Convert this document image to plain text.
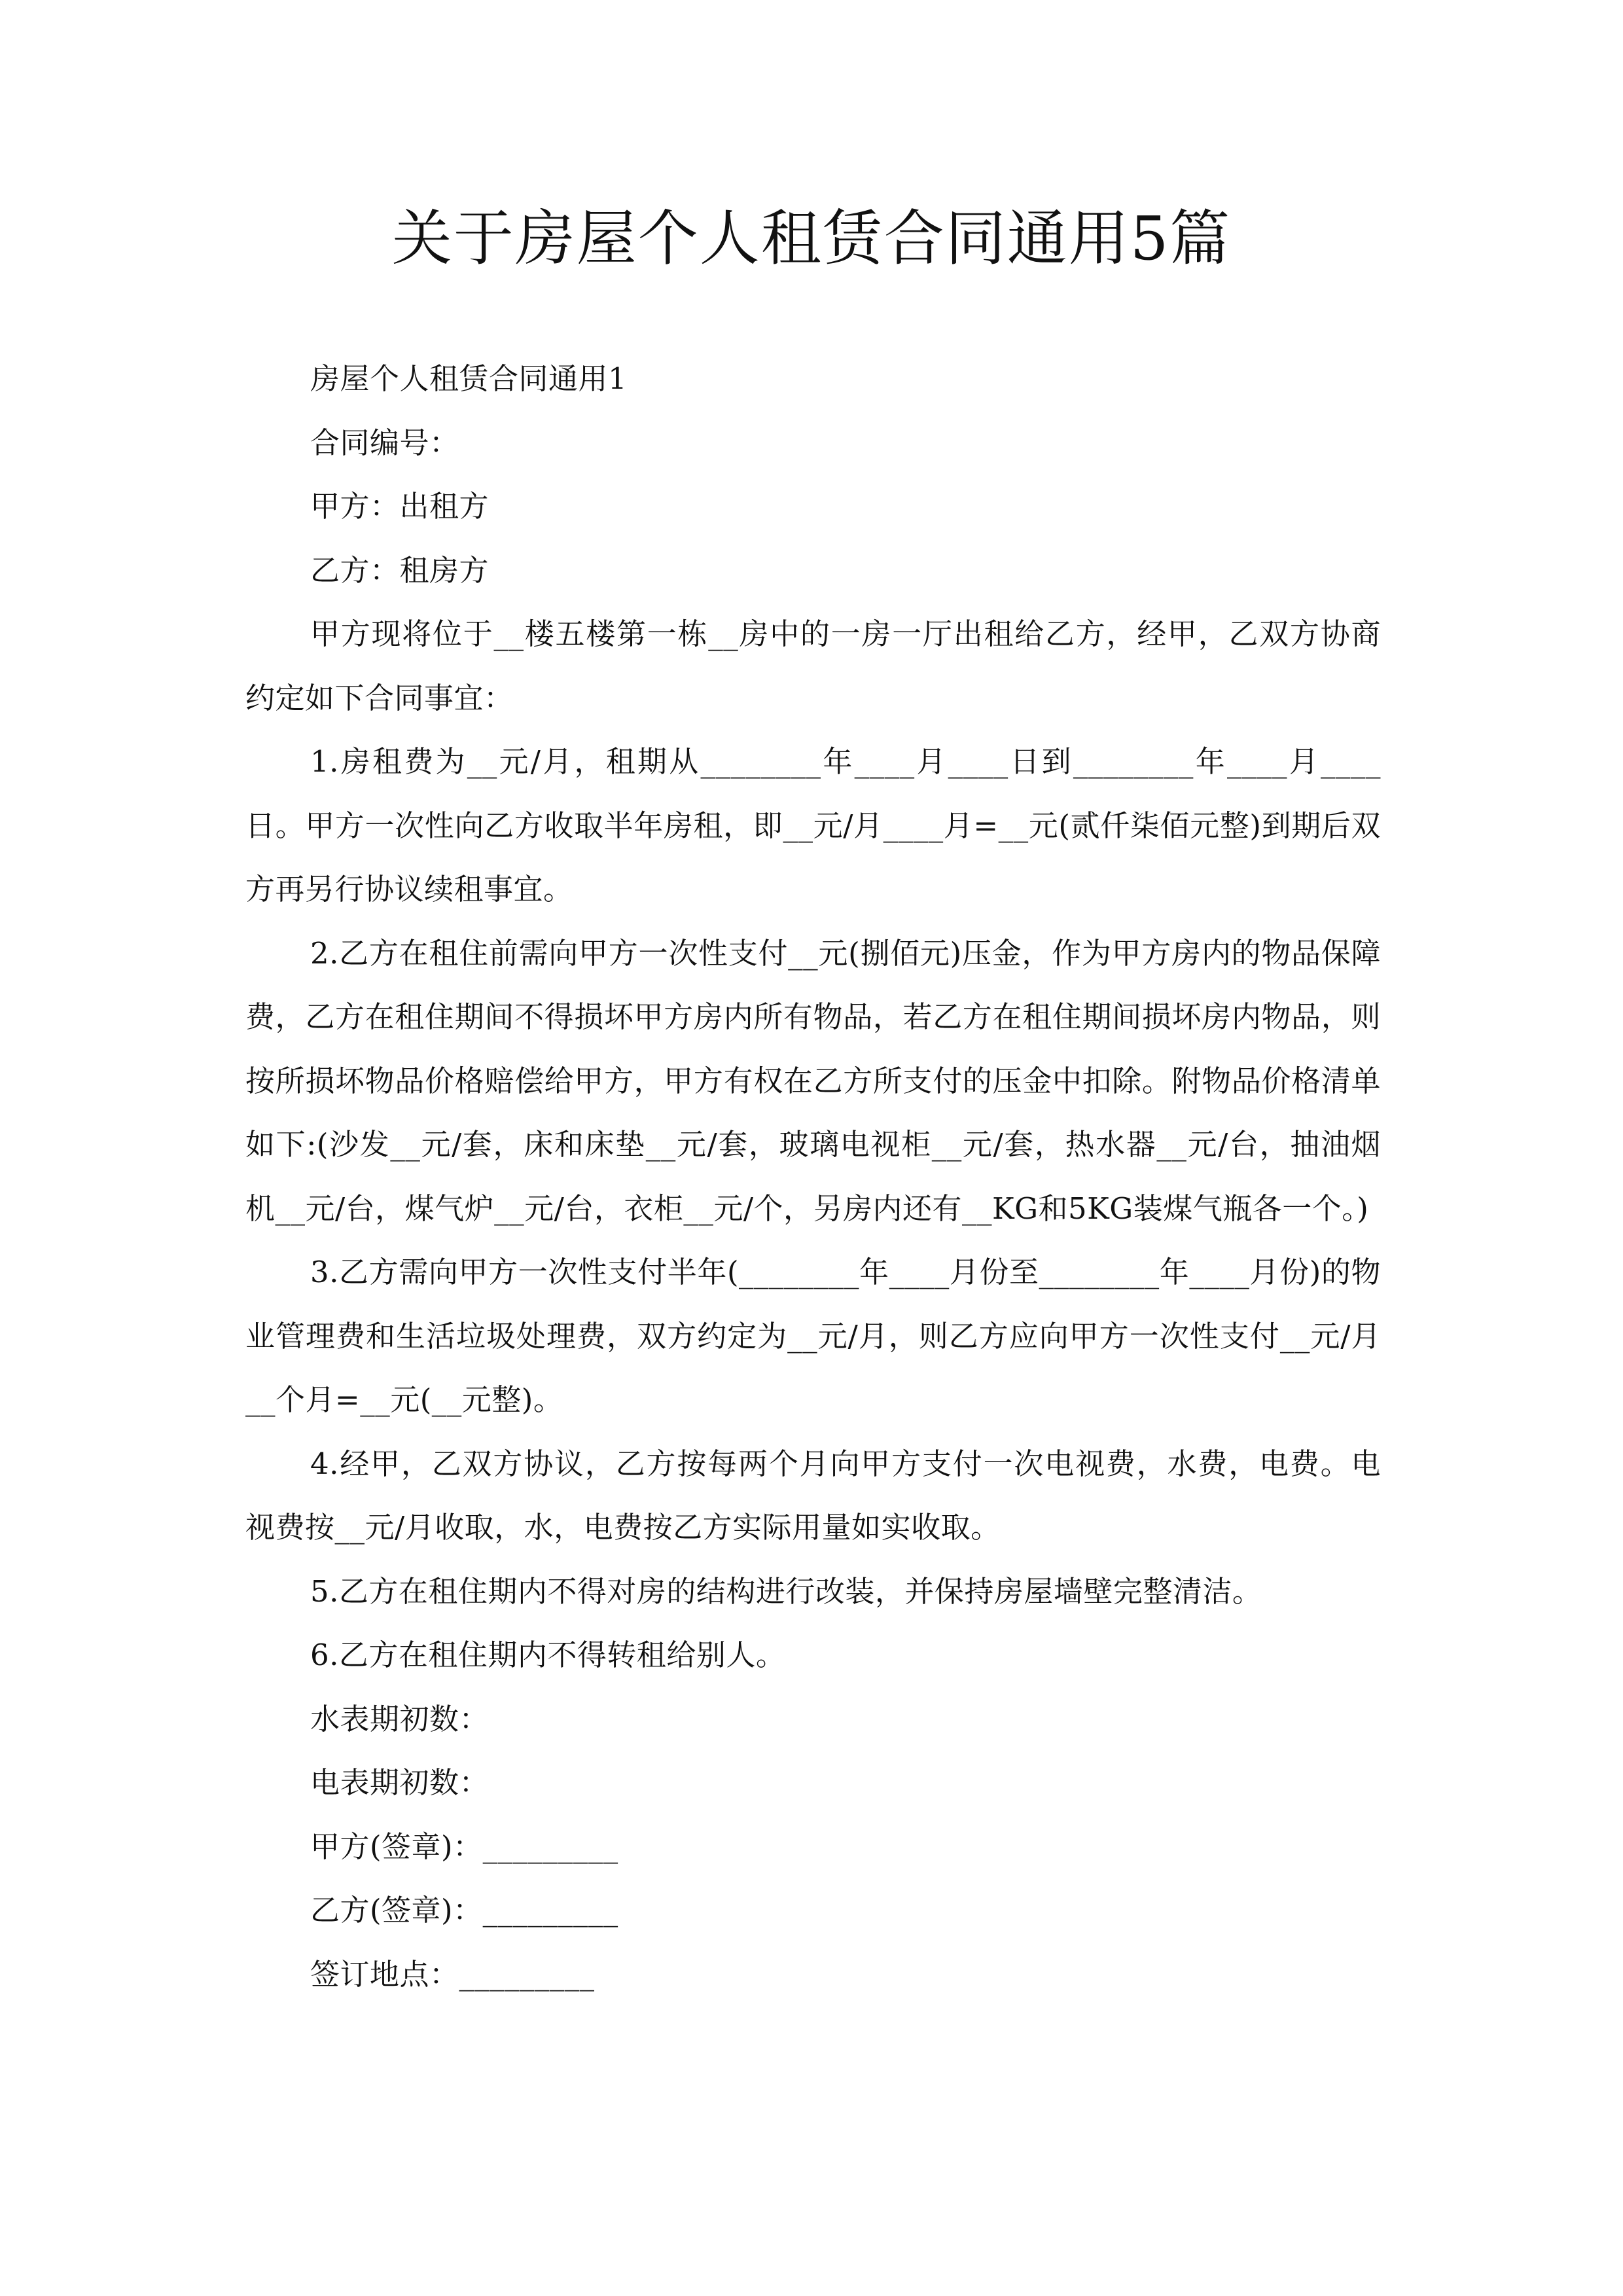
关于房屋个人租赁合同通用5篇

房屋个人租赁合同通用1

合同编号：

甲方：出租方

乙方：租房方

甲方现将位于__楼五楼第一栋__房中的一房一厅出租给乙方，经甲，乙双方协商约定如下合同事宜：

1.房租费为__元/月，租期从________年____月____日到________年____月____日。甲方一次性向乙方收取半年房租，即__元/月____月=__元(贰仟柒佰元整)到期后双方再另行协议续租事宜。

2.乙方在租住前需向甲方一次性支付__元(捌佰元)压金，作为甲方房内的物品保障费，乙方在租住期间不得损坏甲方房内所有物品，若乙方在租住期间损坏房内物品，则按所损坏物品价格赔偿给甲方，甲方有权在乙方所支付的压金中扣除。附物品价格清单如下:(沙发__元/套，床和床垫__元/套，玻璃电视柜__元/套，热水器__元/台，抽油烟机__元/台，煤气炉__元/台，衣柜__元/个，另房内还有__KG和5KG装煤气瓶各一个。)

3.乙方需向甲方一次性支付半年(________年____月份至________年____月份)的物业管理费和生活垃圾处理费，双方约定为__元/月，则乙方应向甲方一次性支付__元/月__个月=__元(__元整)。

4.经甲，乙双方协议，乙方按每两个月向甲方支付一次电视费，水费，电费。电视费按__元/月收取，水，电费按乙方实际用量如实收取。

5.乙方在租住期内不得对房的结构进行改装，并保持房屋墙壁完整清洁。

6.乙方在租住期内不得转租给别人。

水表期初数：

电表期初数：

甲方(签章)：_________

乙方(签章)：_________

签订地点：_________
